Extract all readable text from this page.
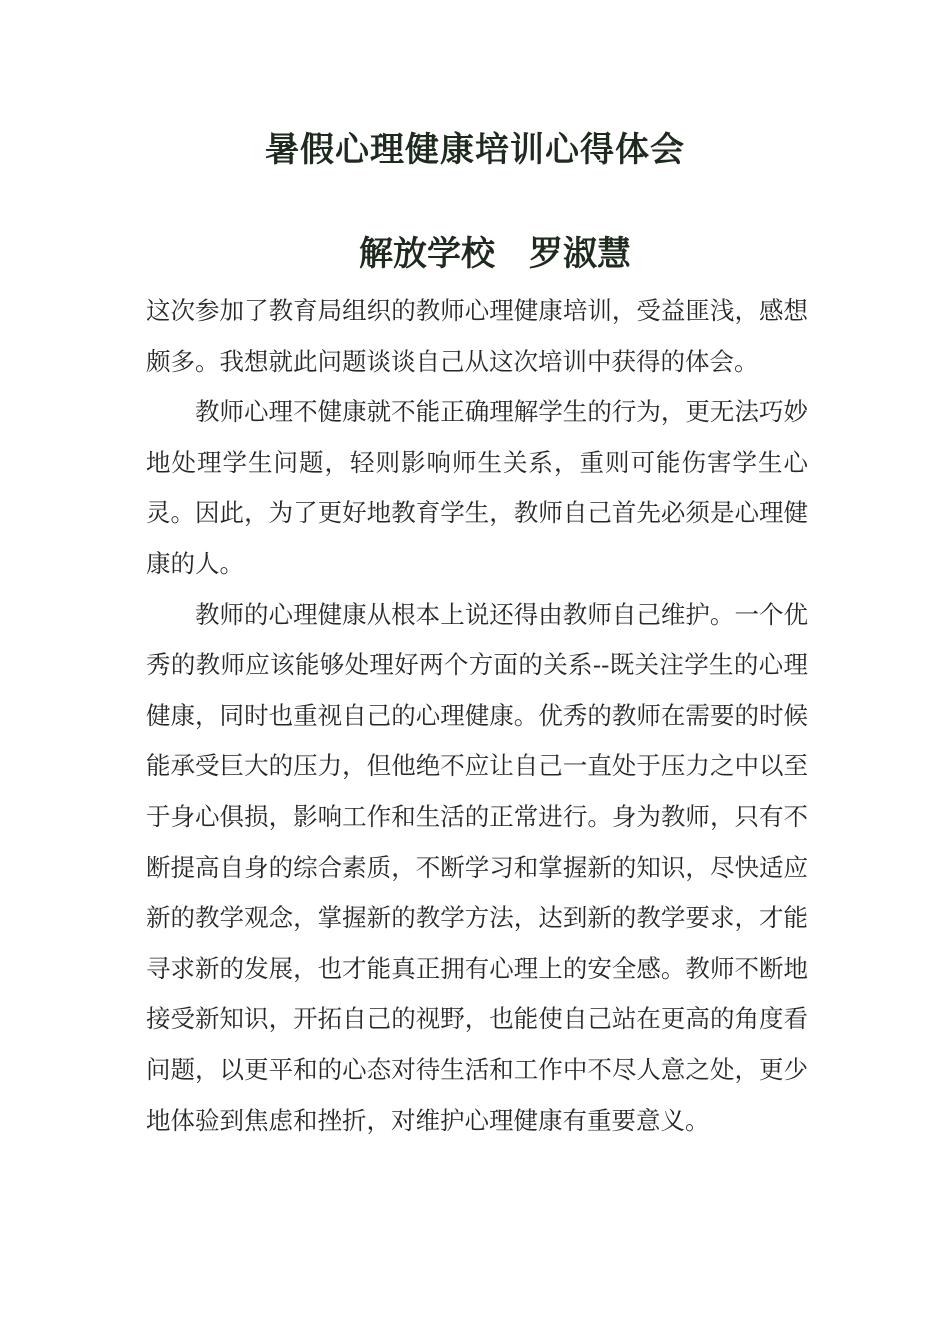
暑假心理健康培训心得体会
解放学校　罗淑慧

这次参加了教育局组织的教师心理健康培训，受益匪浅，感想颇多。我想就此问题谈谈自己从这次培训中获得的体会。

教师心理不健康就不能正确理解学生的行为，更无法巧妙地处理学生问题，轻则影响师生关系，重则可能伤害学生心灵。因此，为了更好地教育学生，教师自己首先必须是心理健康的人。

教师的心理健康从根本上说还得由教师自己维护。一个优秀的教师应该能够处理好两个方面的关系--既关注学生的心理健康，同时也重视自己的心理健康。优秀的教师在需要的时候能承受巨大的压力，但他绝不应让自己一直处于压力之中以至于身心俱损，影响工作和生活的正常进行。身为教师，只有不断提高自身的综合素质，不断学习和掌握新的知识，尽快适应新的教学观念，掌握新的教学方法，达到新的教学要求，才能寻求新的发展，也才能真正拥有心理上的安全感。教师不断地接受新知识，开拓自己的视野，也能使自己站在更高的角度看问题，以更平和的心态对待生活和工作中不尽人意之处，更少地体验到焦虑和挫折，对维护心理健康有重要意义。
